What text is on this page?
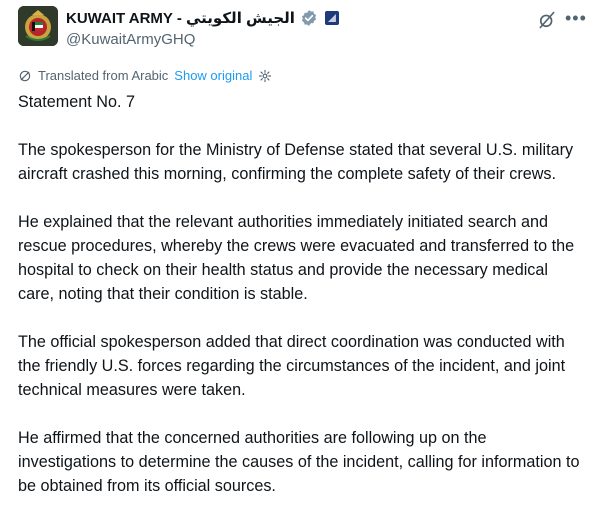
KUWAIT ARMY - الجيش الكويتي
@KuwaitArmyGHQ
•••
Translated from Arabic Show original

Statement No. 7

The spokesperson for the Ministry of Defense stated that several U.S. military aircraft crashed this morning, confirming the complete safety of their crews.

He explained that the relevant authorities immediately initiated search and rescue procedures, whereby the crews were evacuated and transferred to the hospital to check on their health status and provide the necessary medical care, noting that their condition is stable.

The official spokesperson added that direct coordination was conducted with the friendly U.S. forces regarding the circumstances of the incident, and joint technical measures were taken.

He affirmed that the concerned authorities are following up on the investigations to determine the causes of the incident, calling for information to be obtained from its official sources.
